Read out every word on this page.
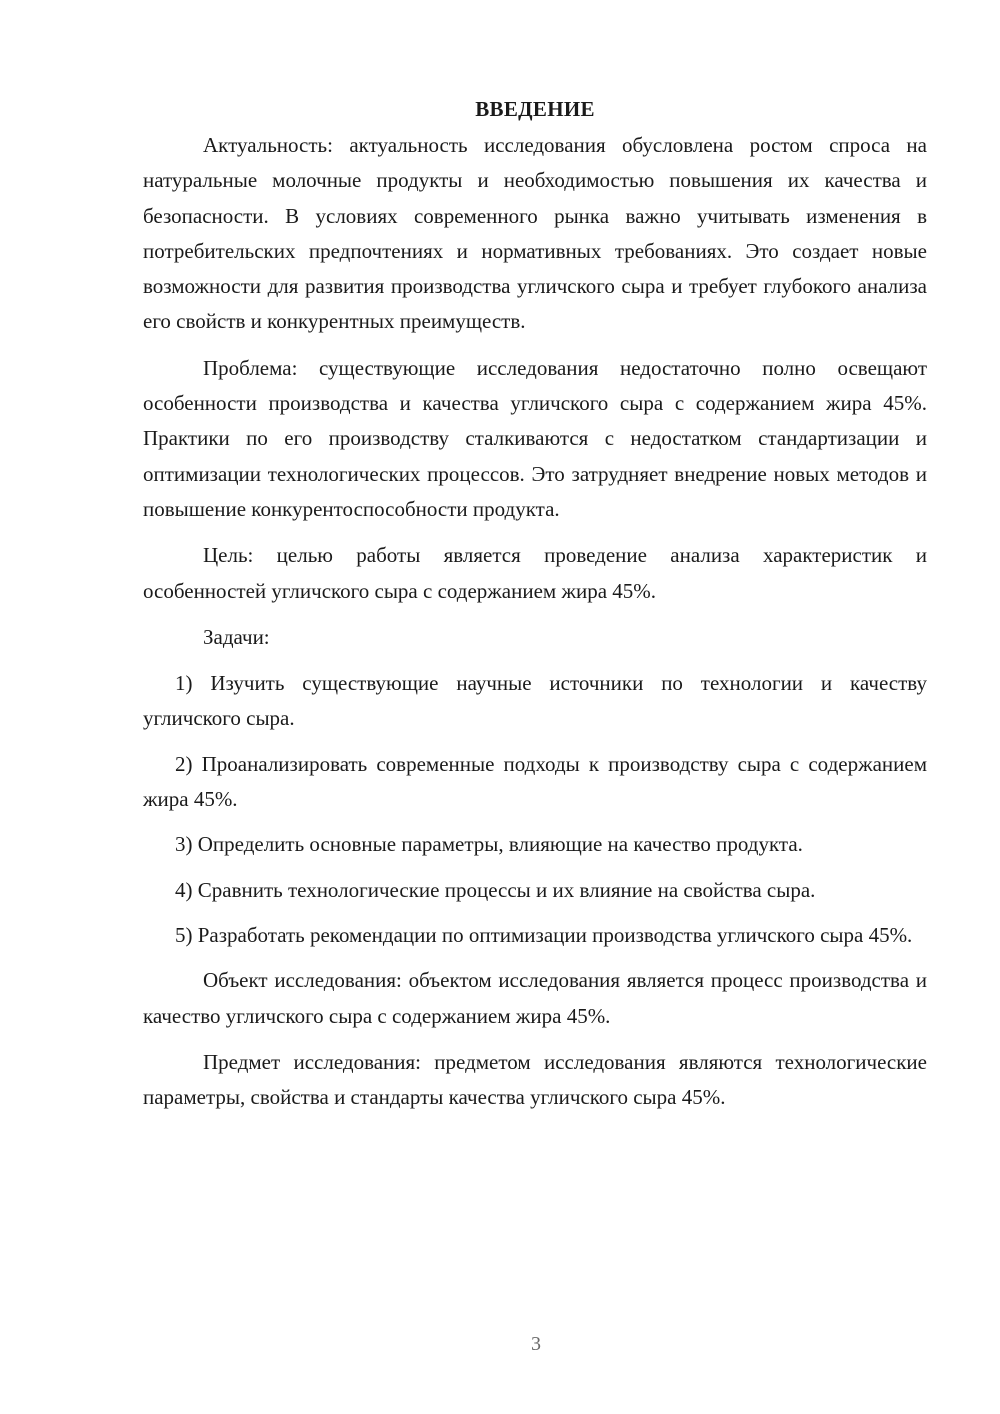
ВВЕДЕНИЕ

Актуальность: актуальность исследования обусловлена ростом спроса на натуральные молочные продукты и необходимостью повышения их качества и безопасности. В условиях современного рынка важно учитывать изменения в потребительских предпочтениях и нормативных требованиях. Это создает новые возможности для развития производства угличского сыра и требует глубокого анализа его свойств и конкурентных преимуществ.

Проблема: существующие исследования недостаточно полно освещают особенности производства и качества угличского сыра с содержанием жира 45%. Практики по его производству сталкиваются с недостатком стандартизации и оптимизации технологических процессов. Это затрудняет внедрение новых методов и повышение конкурентоспособности продукта.

Цель: целью работы является проведение анализа характеристик и особенностей угличского сыра с содержанием жира 45%.

Задачи:

1) Изучить существующие научные источники по технологии и качеству угличского сыра.

2) Проанализировать современные подходы к производству сыра с содержанием жира 45%.

3) Определить основные параметры, влияющие на качество продукта.

4) Сравнить технологические процессы и их влияние на свойства сыра.

5) Разработать рекомендации по оптимизации производства угличского сыра 45%.

Объект исследования: объектом исследования является процесс производства и качество угличского сыра с содержанием жира 45%.

Предмет исследования: предметом исследования являются технологические параметры, свойства и стандарты качества угличского сыра 45%.

3
